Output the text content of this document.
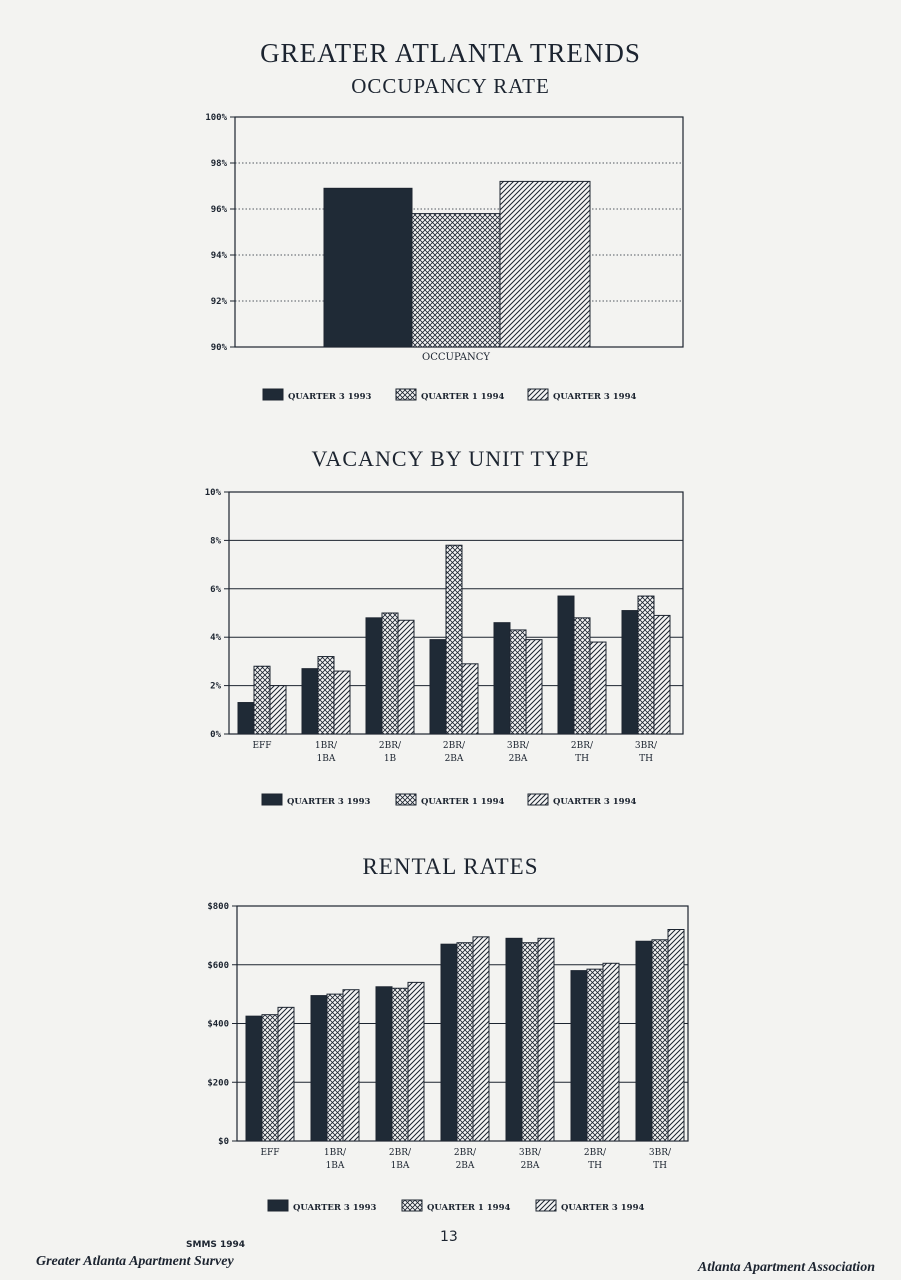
GREATER ATLANTA TRENDS
OCCUPANCY RATE
VACANCY BY UNIT TYPE
RENTAL RATES
90%
92%
94%
96%
98%
100%
OCCUPANCY
QUARTER 3 1993	QUARTER 1 1994	QUARTER 3 1994
0%
2%
4%
6%
8%
10%
EFF	1BR/
1BA
2BR/
1B
2BR/
2BA
3BR/
2BA
2BR/
TH
3BR/
TH
QUARTER 3 1993	QUARTER 1 1994	QUARTER 3 1994
$0
$200
$400
$600
$800
EFF	1BR/
1BA
2BR/
1BA
2BR/
2BA
3BR/
2BA
2BR/
TH
3BR/
TH
QUARTER 3 1993	QUARTER 1 1994	QUARTER 3 1994
SMMS 1994	13
Greater Atlanta Apartment Survey	Atlanta Apartment Association
